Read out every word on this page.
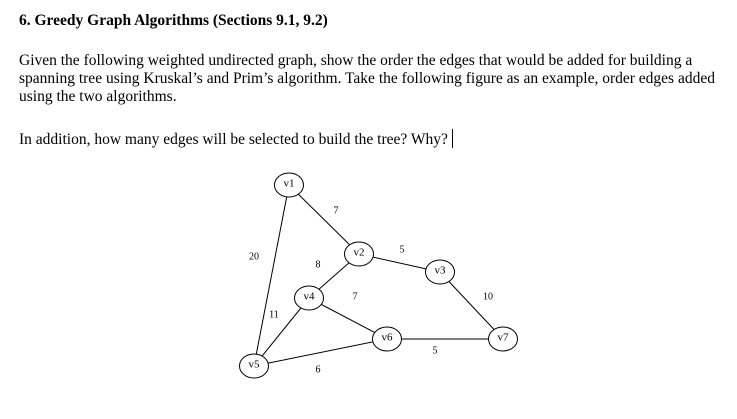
6. Greedy Graph Algorithms (Sections 9.1, 9.2)
Given the following weighted undirected graph, show the order the edges that would be added for building a spanning tree using Kruskal’s and Prim’s algorithm. Take the following figure as an example, order edges added using the two algorithms.
In addition, how many edges will be selected to build the tree? Why?
7
20
5
8
7
11
10
5
6
v1
v2
v3
v4
v5
v6	v7
